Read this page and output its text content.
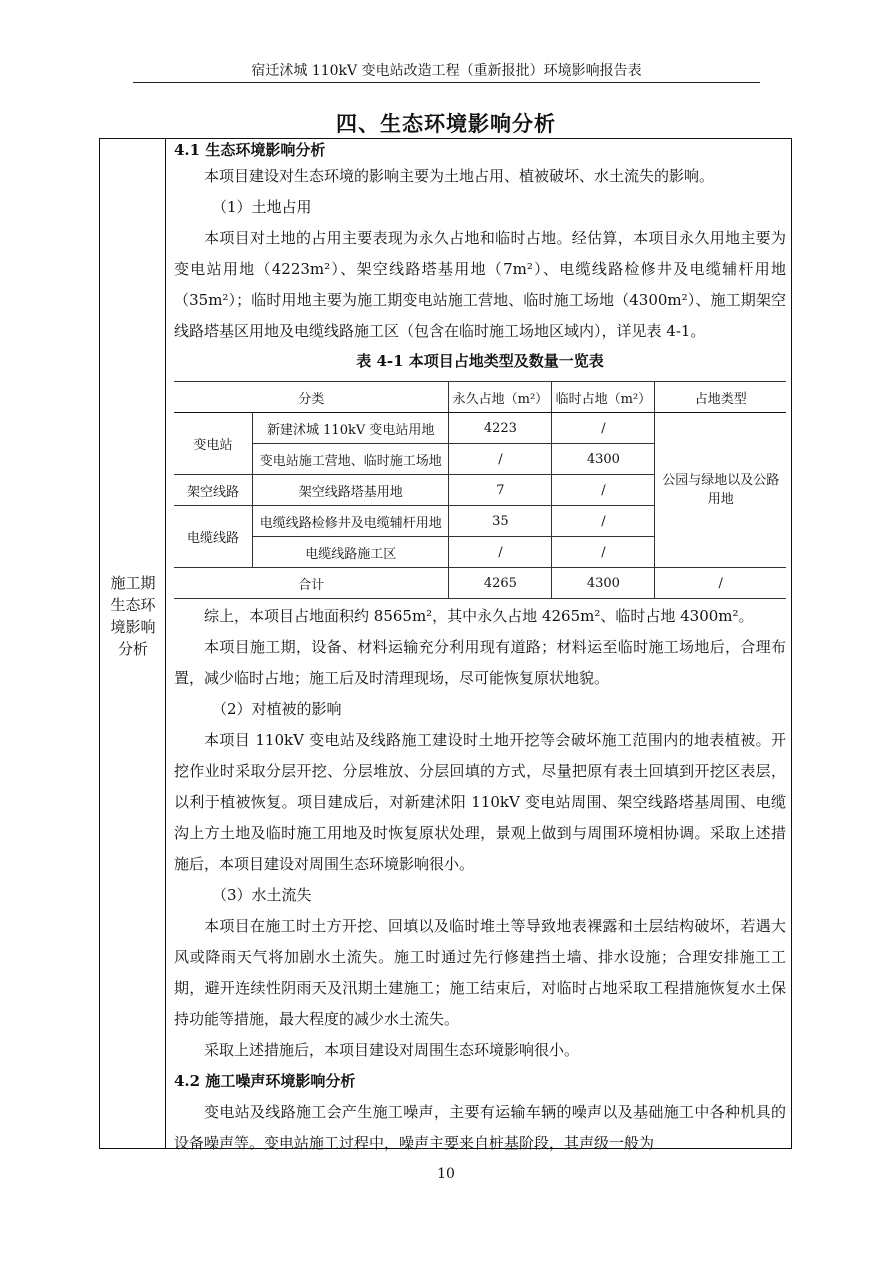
宿迁沭城 110kV 变电站改造工程（重新报批）环境影响报告表
四、生态环境影响分析
施工期
生态环
境影响
分析
4.1 生态环境影响分析

本项目建设对生态环境的影响主要为土地占用、植被破坏、水土流失的影响。

（1）土地占用

本项目对土地的占用主要表现为永久占地和临时占地。经估算，本项目永久用地主要为变电站用地（4223m²）、架空线路塔基用地（7m²）、电缆线路检修井及电缆辅杆用地（35m²）；临时用地主要为施工期变电站施工营地、临时施工场地（4300m²）、施工期架空线路塔基区用地及电缆线路施工区（包含在临时施工场地区域内），详见表 4-1。

表 4-1 本项目占地类型及数量一览表

分类		永久占地（m²）	临时占地（m²）	占地类型
变电站	新建沭城 110kV 变电站用地	4223	/	公园与绿地以及公路用地
	变电站施工营地、临时施工场地	/	4300	
架空线路	架空线路塔基用地	7	/	
电缆线路	电缆线路检修井及电缆辅杆用地	35	/	
	电缆线路施工区	/	/	
合计		4265	4300	/

综上，本项目占地面积约 8565m²，其中永久占地 4265m²、临时占地 4300m²。

本项目施工期，设备、材料运输充分利用现有道路；材料运至临时施工场地后，合理布置，减少临时占地；施工后及时清理现场，尽可能恢复原状地貌。

（2）对植被的影响

本项目 110kV 变电站及线路施工建设时土地开挖等会破坏施工范围内的地表植被。开挖作业时采取分层开挖、分层堆放、分层回填的方式，尽量把原有表土回填到开挖区表层，以利于植被恢复。项目建成后，对新建沭阳 110kV 变电站周围、架空线路塔基周围、电缆沟上方土地及临时施工用地及时恢复原状处理，景观上做到与周围环境相协调。采取上述措施后，本项目建设对周围生态环境影响很小。

（3）水土流失

本项目在施工时土方开挖、回填以及临时堆土等导致地表裸露和土层结构破坏，若遇大风或降雨天气将加剧水土流失。施工时通过先行修建挡土墙、排水设施；合理安排施工工期，避开连续性阴雨天及汛期土建施工；施工结束后，对临时占地采取工程措施恢复水土保持功能等措施，最大程度的减少水土流失。

采取上述措施后，本项目建设对周围生态环境影响很小。

4.2 施工噪声环境影响分析

变电站及线路施工会产生施工噪声，主要有运输车辆的噪声以及基础施工中各种机具的设备噪声等。变电站施工过程中，噪声主要来自桩基阶段，其声级一般为

10
